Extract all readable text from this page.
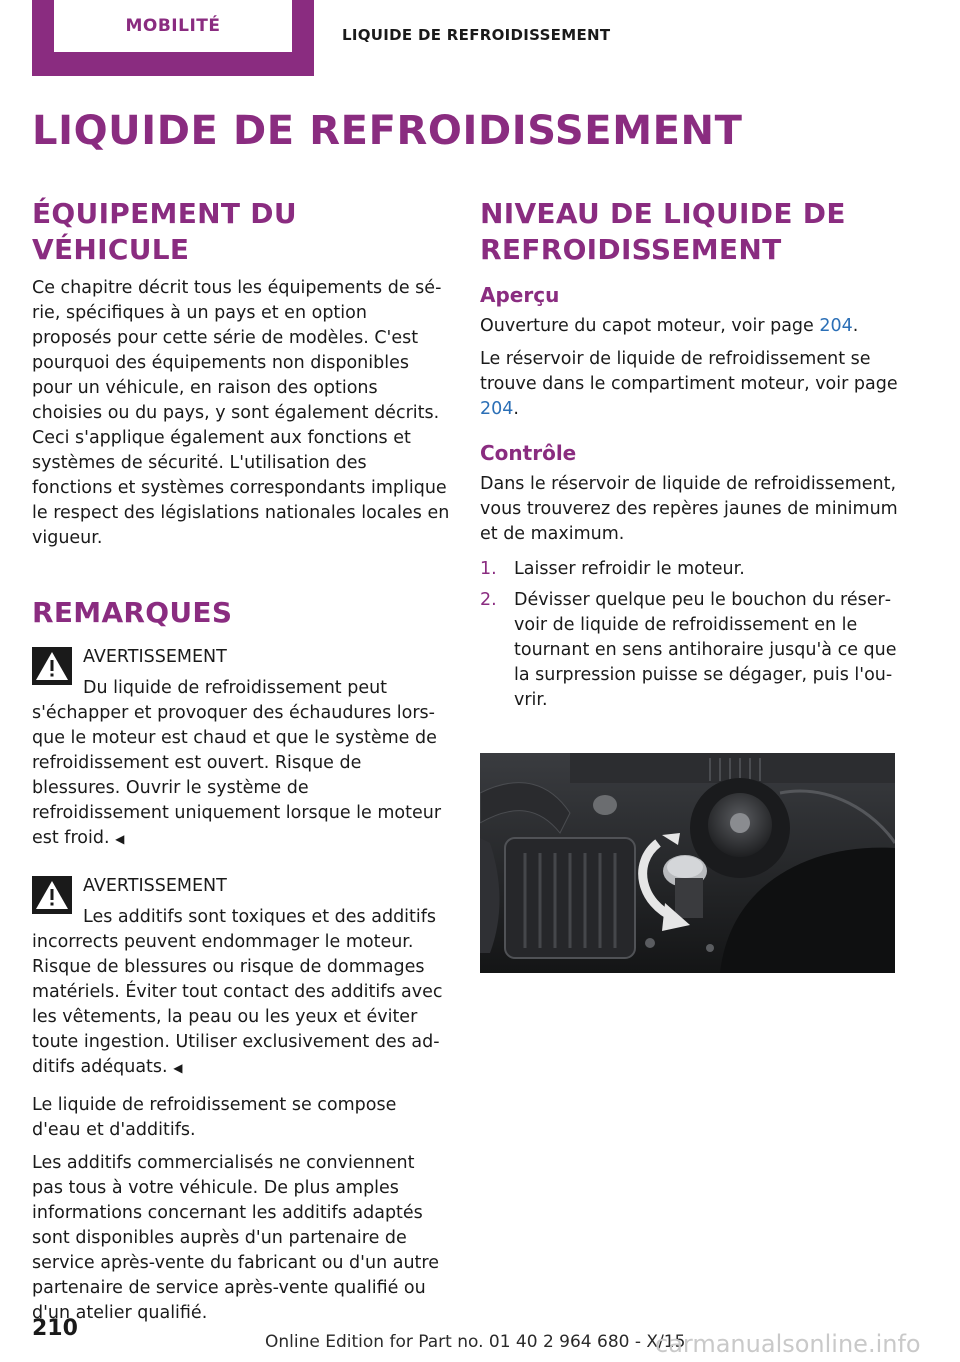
MOBILITÉ	LIQUIDE DE REFROIDISSEMENT
LIQUIDE DE REFROIDISSEMENT
ÉQUIPEMENT DU VÉHICULE

Ce chapitre décrit tous les équipements de série, spécifiques à un pays et en option proposés pour cette série de modèles. C'est pourquoi des équipements non disponibles pour un véhicule, en raison des options choisies ou du pays, y sont également décrits. Ceci s'applique également aux fonctions et systèmes de sécurité. L'utilisation des fonctions et systèmes correspondants implique le respect des législations nationales locales en vigueur.

REMARQUES
AVERTISSEMENT

Du liquide de refroidissement peut s'échapper et provoquer des échaudures lorsque le moteur est chaud et que le système de refroidissement est ouvert. Risque de blessures. Ouvrir le système de refroidissement uniquement lorsque le moteur est froid. ◀

AVERTISSEMENT

Les additifs sont toxiques et des additifs incorrects peuvent endommager le moteur. Risque de blessures ou risque de dommages matériels. Éviter tout contact des additifs avec les vêtements, la peau ou les yeux et éviter toute ingestion. Utiliser exclusivement des additifs adéquats. ◀

Le liquide de refroidissement se compose d'eau et d'additifs.

Les additifs commercialisés ne conviennent pas tous à votre véhicule. De plus amples informations concernant les additifs adaptés sont disponibles auprès d'un partenaire de service après-vente du fabricant ou d'un autre partenaire de service après-vente qualifié ou d'un atelier qualifié.

NIVEAU DE LIQUIDE DE REFROIDISSEMENT
Aperçu

Ouverture du capot moteur, voir page 204.

Le réservoir de liquide de refroidissement se trouve dans le compartiment moteur, voir page 204.

Contrôle

Dans le réservoir de liquide de refroidissement, vous trouverez des repères jaunes de minimum et de maximum.

1. Laisser refroidir le moteur.
2. Dévisser quelque peu le bouchon du réservoir de liquide de refroidissement en le tournant en sens antihoraire jusqu'à ce que la surpression puisse se dégager, puis l'ouvrir.
210
Online Edition for Part no. 01 40 2 964 680 - X/15
carmanualsonline.info
